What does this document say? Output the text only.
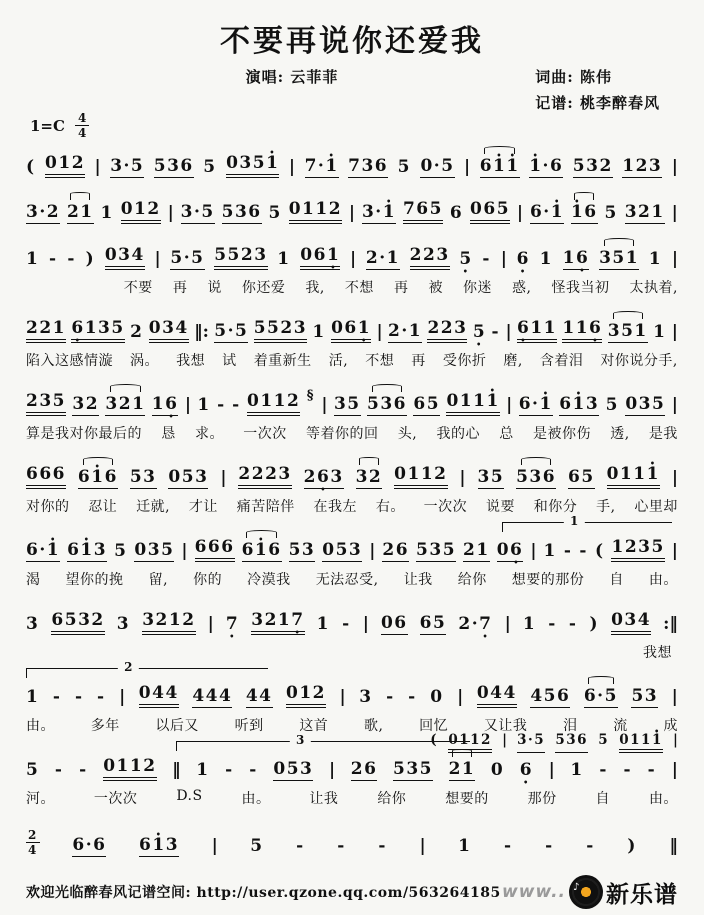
不要再说你还爱我
演唱: 云菲菲	词曲: 陈伟
记谱: 桃李醉春风
$1=C \frac{4}{4}$
( 012 | 3·5 536 5 0351 • | 7·1 • 736 5 0·5 | 61 •1 • 1 •·6 532 123 |
3·2 21 1 012 | 3·5 536 5 0112 | 3·1 • 765 6 065 | 6·1 • 1 •6 5 321 |
1 - - ) 034 | 5·5 5523 1 061 • | 2·1 223 5 • - | 6 • 1 16 • 351 1 |
不要 再 说 你还爱 我, 不想 再 被 你迷 惑, 怪我当初 太执着,
221 6 •135 2 034 ‖: 5·5 5523 1 061 • | 2·1 223 5 • - | 6 •11 116 • 351 1 |
陷入这感情漩 涡。 我想 试 着重新生 活, 不想 再 受你折 磨, 含着泪 对你说分手,
235 32 321 16 • | 1 - - 0112 § | 35 536 65 0111 • | 6·1 • 61 •3 5 035 |
算是我对你最后的 恳 求。 一次次 等着你的回 头, 我的心 总 是被你伤 透, 是我
666 61 •6 53 053 | 2223 26 •3 32 0112 | 35 536 65 0111 • |
对你的 忍让 迁就, 才让 痛苦陪伴 在我左 右。 一次次 说要 和你分 手, 心里却
1
6·1 • 61 •3 5 035 | 666 61 •6 53 053 | 26 535 21 06 • | 1 - - ( 1235 |
渴 望你的挽 留, 你的 冷漠我 无法忍受, 让我 给你 想要的那份 自 由。
3 6532 3 3212 | 7 • 3217 • 1 - | 06 65 2·7 • | 1 - - ) 034 :‖
我想
2
1 - - - | 044 444 44 012 | 3 - - 0 | 044 456 6·5 53 |
由。	多年	以后又	听到	这首	歌,	回忆	又让我	泪	流	成
3	( 0112 | 3·5 536 5 0111 • |
5 - - 0112 ‖ 1 - - 053 | 26 535 21 0 6 • | 1 - - - |
河。	一次次	D.S	由。	让我	给你	想要的	那份	自	由。
$\frac{2}{4} 6\cdot 6$ 61 •3 | 5 - - - | 1 - - - ) ‖
欢迎光临醉春风记谱空间: http://user.qzone.qq.com/563264185 www.. ♪ 新乐谱
